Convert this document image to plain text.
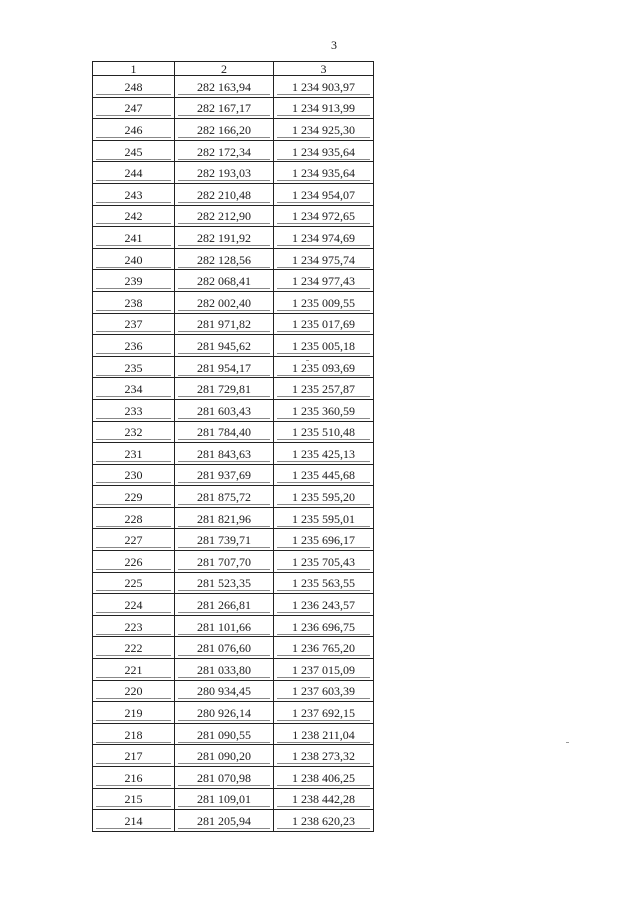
3
1	2	3

248	282 163,94	1 234 903,97

247	282 167,17	1 234 913,99

246	282 166,20	1 234 925,30

245	282 172,34	1 234 935,64

244	282 193,03	1 234 935,64

243	282 210,48	1 234 954,07

242	282 212,90	1 234 972,65

241	282 191,92	1 234 974,69

240	282 128,56	1 234 975,74

239	282 068,41	1 234 977,43

238	282 002,40	1 235 009,55

237	281 971,82	1 235 017,69

236	281 945,62	1 235 005,18

235	281 954,17	1 235 093,69

234	281 729,81	1 235 257,87

233	281 603,43	1 235 360,59

232	281 784,40	1 235 510,48

231	281 843,63	1 235 425,13

230	281 937,69	1 235 445,68

229	281 875,72	1 235 595,20

228	281 821,96	1 235 595,01

227	281 739,71	1 235 696,17

226	281 707,70	1 235 705,43

225	281 523,35	1 235 563,55

224	281 266,81	1 236 243,57

223	281 101,66	1 236 696,75

222	281 076,60	1 236 765,20

221	281 033,80	1 237 015,09

220	280 934,45	1 237 603,39

219	280 926,14	1 237 692,15

218	281 090,55	1 238 211,04

217	281 090,20	1 238 273,32

216	281 070,98	1 238 406,25

215	281 109,01	1 238 442,28

214	281 205,94	1 238 620,23
